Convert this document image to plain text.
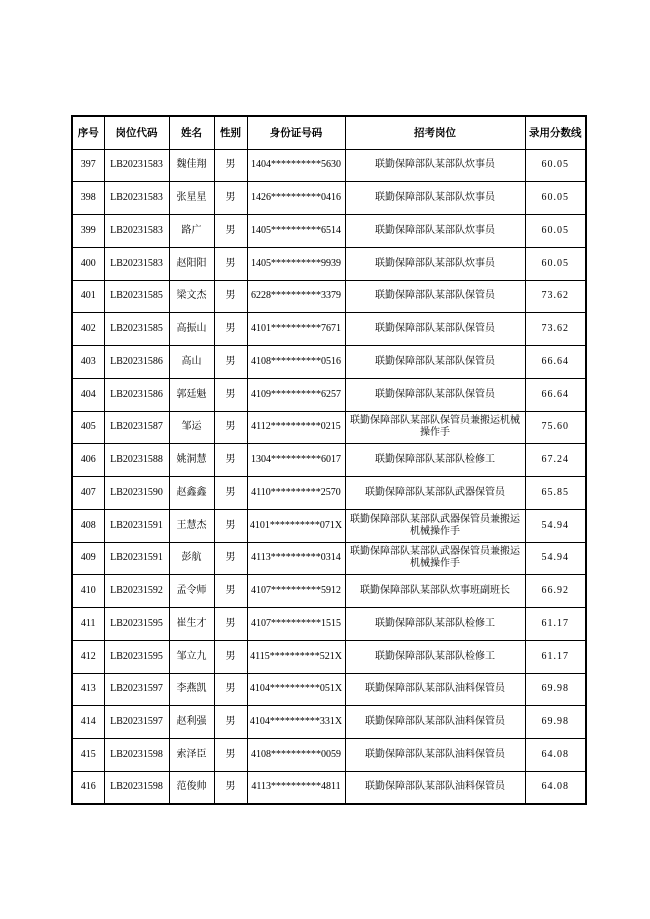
序号	岗位代码	姓名	性别	身份证号码	招考岗位	录用分数线
397	LB20231583	魏佳翔	男	1404**********5630	联勤保障部队某部队炊事员	60.05
398	LB20231583	张星星	男	1426**********0416	联勤保障部队某部队炊事员	60.05
399	LB20231583	路广	男	1405**********6514	联勤保障部队某部队炊事员	60.05
400	LB20231583	赵阳阳	男	1405**********9939	联勤保障部队某部队炊事员	60.05
401	LB20231585	梁文杰	男	6228**********3379	联勤保障部队某部队保管员	73.62
402	LB20231585	高振山	男	4101**********7671	联勤保障部队某部队保管员	73.62
403	LB20231586	高山	男	4108**********0516	联勤保障部队某部队保管员	66.64
404	LB20231586	郭廷魁	男	4109**********6257	联勤保障部队某部队保管员	66.64
405	LB20231587	邹运	男	4112**********0215	联勤保障部队某部队保管员兼搬运机械操作手	75.60
406	LB20231588	姚洞慧	男	1304**********6017	联勤保障部队某部队检修工	67.24
407	LB20231590	赵鑫鑫	男	4110**********2570	联勤保障部队某部队武器保管员	65.85
408	LB20231591	王慧杰	男	4101**********071X	联勤保障部队某部队武器保管员兼搬运机械操作手	54.94
409	LB20231591	彭航	男	4113**********0314	联勤保障部队某部队武器保管员兼搬运机械操作手	54.94
410	LB20231592	孟令师	男	4107**********5912	联勤保障部队某部队炊事班副班长	66.92
411	LB20231595	崔生才	男	4107**********1515	联勤保障部队某部队检修工	61.17
412	LB20231595	邹立九	男	4115**********521X	联勤保障部队某部队检修工	61.17
413	LB20231597	李燕凯	男	4104**********051X	联勤保障部队某部队油料保管员	69.98
414	LB20231597	赵利强	男	4104**********331X	联勤保障部队某部队油料保管员	69.98
415	LB20231598	索泽臣	男	4108**********0059	联勤保障部队某部队油料保管员	64.08
416	LB20231598	范俊帅	男	4113**********4811	联勤保障部队某部队油料保管员	64.08
